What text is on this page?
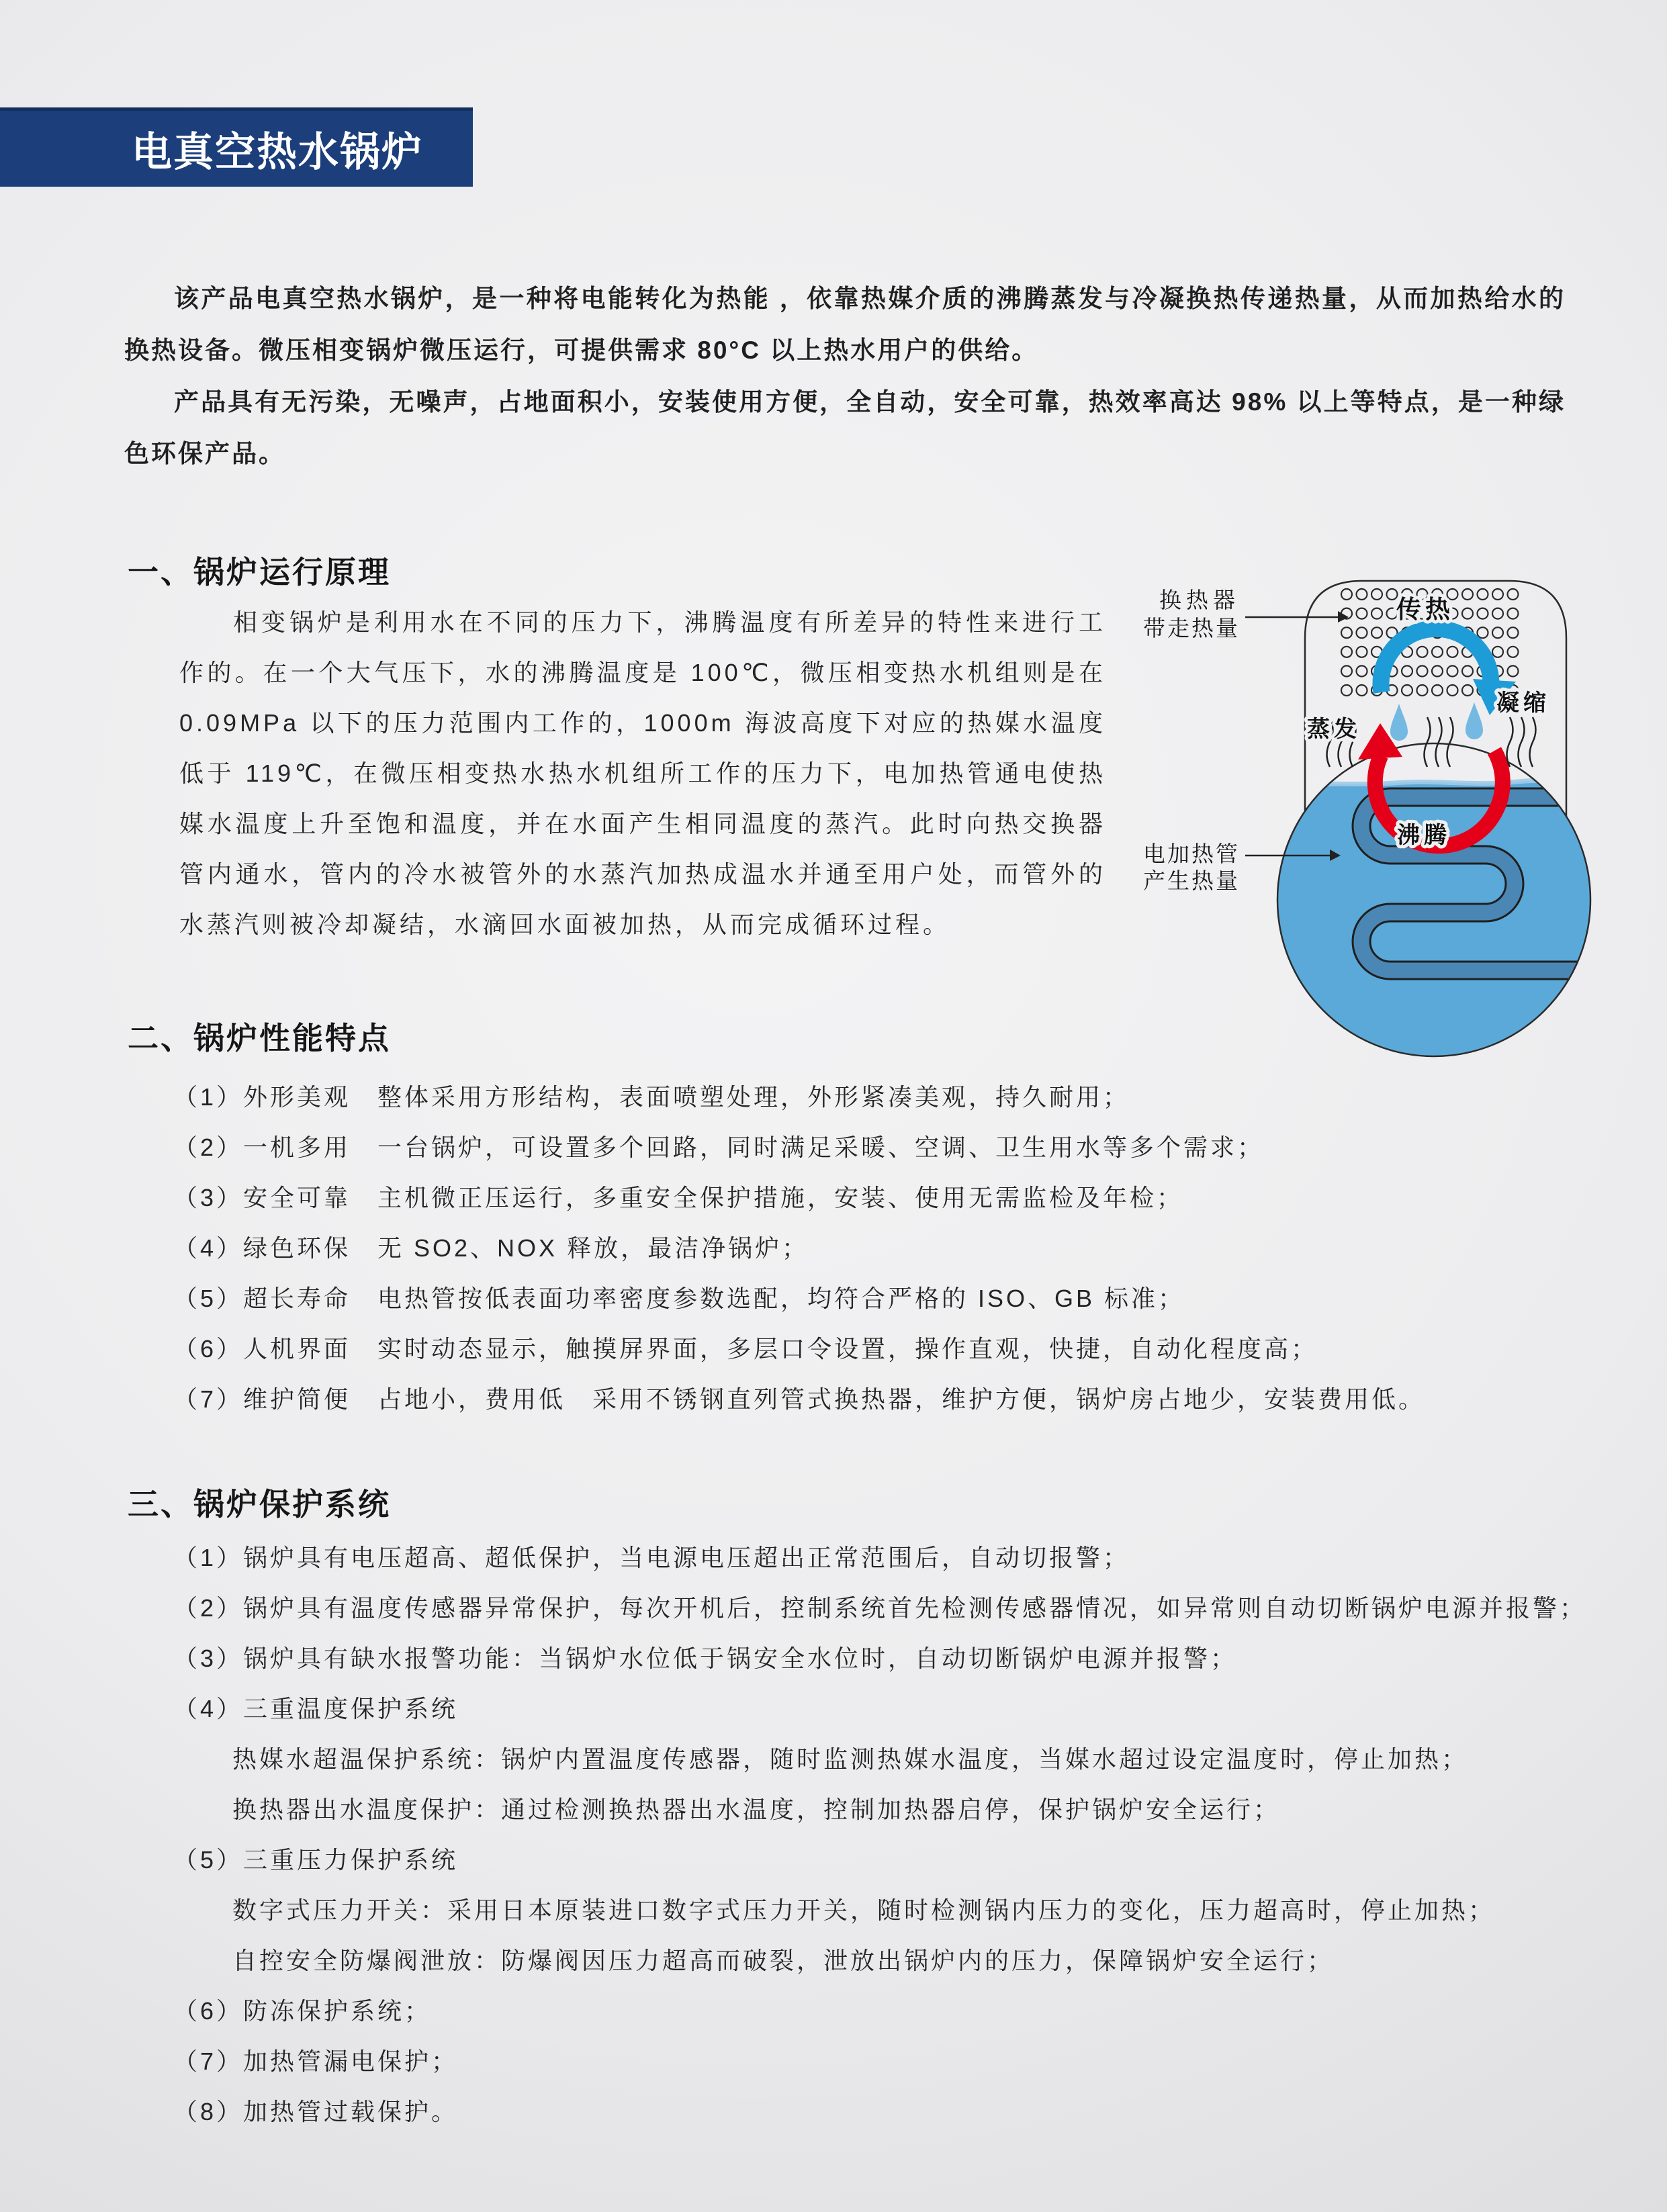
电真空热水锅炉

该产品电真空热水锅炉，是一种将电能转化为热能 ，依靠热媒介质的沸腾蒸发与冷凝换热传递热量，从而加热给水的换热设备。微压相变锅炉微压运行，可提供需求 80°C 以上热水用户的供给。

产品具有无污染，无噪声，占地面积小，安装使用方便，全自动，安全可靠，热效率高达 98% 以上等特点，是一种绿色环保产品。

一、锅炉运行原理
相变锅炉是利用水在不同的压力下，沸腾温度有所差异的特性来进行工作的。在一个大气压下，水的沸腾温度是 100℃，微压相变热水机组则是在 0.09MPa 以下的压力范围内工作的，1000m 海波高度下对应的热媒水温度低于 119℃，在微压相变热水热水机组所工作的压力下，电加热管通电使热媒水温度上升至饱和温度，并在水面产生相同温度的蒸汽。此时向热交换器管内通水，管内的冷水被管外的水蒸汽加热成温水并通至用户处，而管外的水蒸汽则被冷却凝结，水滴回水面被加热，从而完成循环过程。
二、锅炉性能特点
（1）外形美观　整体采用方形结构，表面喷塑处理，外形紧凑美观，持久耐用；
（2）一机多用　一台锅炉，可设置多个回路，同时满足采暖、空调、卫生用水等多个需求；
（3）安全可靠　主机微正压运行，多重安全保护措施，安装、使用无需监检及年检；
（4）绿色环保　无 SO2、NOX 释放，最洁净锅炉；
（5）超长寿命　电热管按低表面功率密度参数选配，均符合严格的 ISO、GB 标准；
（6）人机界面　实时动态显示，触摸屏界面，多层口令设置，操作直观，快捷，自动化程度高；
（7）维护简便　占地小，费用低　采用不锈钢直列管式换热器，维护方便，锅炉房占地少，安装费用低。
三、锅炉保护系统
（1）锅炉具有电压超高、超低保护，当电源电压超出正常范围后，自动切报警；
（2）锅炉具有温度传感器异常保护，每次开机后，控制系统首先检测传感器情况，如异常则自动切断锅炉电源并报警；
（3）锅炉具有缺水报警功能：当锅炉水位低于锅安全水位时，自动切断锅炉电源并报警；
（4）三重温度保护系统
热媒水超温保护系统：锅炉内置温度传感器，随时监测热媒水温度，当媒水超过设定温度时，停止加热；
换热器出水温度保护：通过检测换热器出水温度，控制加热器启停，保护锅炉安全运行；
（5）三重压力保护系统
数字式压力开关：采用日本原装进口数字式压力开关，随时检测锅内压力的变化，压力超高时，停止加热；
自控安全防爆阀泄放：防爆阀因压力超高而破裂，泄放出锅炉内的压力，保障锅炉安全运行；
（6）防冻保护系统；
（7）加热管漏电保护；
（8）加热管过载保护。
传热
凝缩
蒸发
沸腾
换热器
带走热量
电加热管
产生热量
